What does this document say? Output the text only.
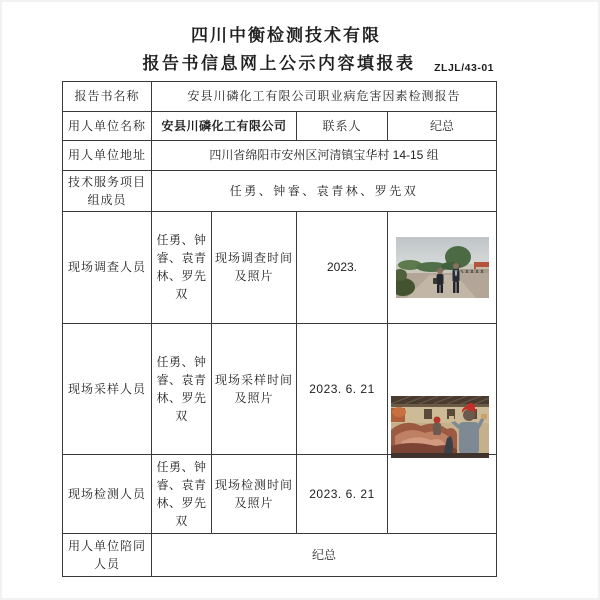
四川中衡检测技术有限
报告书信息网上公示内容填报表	ZLJL/43-01
报告书名称	安县川磷化工有限公司职业病危害因素检测报告			
用人单位名称	安县川磷化工有限公司		联系人	纪总
用人单位地址	四川省绵阳市安州区河清镇宝华村 14-15 组			
技术服务项目组成员	任勇、钟睿、袁青林、罗先双			
现场调查人员	任勇、钟睿、袁青林、罗先双	现场调查时间及照片	2023.	

现场采样人员	任勇、钟睿、袁青林、罗先双	现场采样时间及照片	2023. 6. 21	

现场检测人员	任勇、钟睿、袁青林、罗先双	现场检测时间及照片	2023. 6. 21	
用人单位陪同人员	纪总			
